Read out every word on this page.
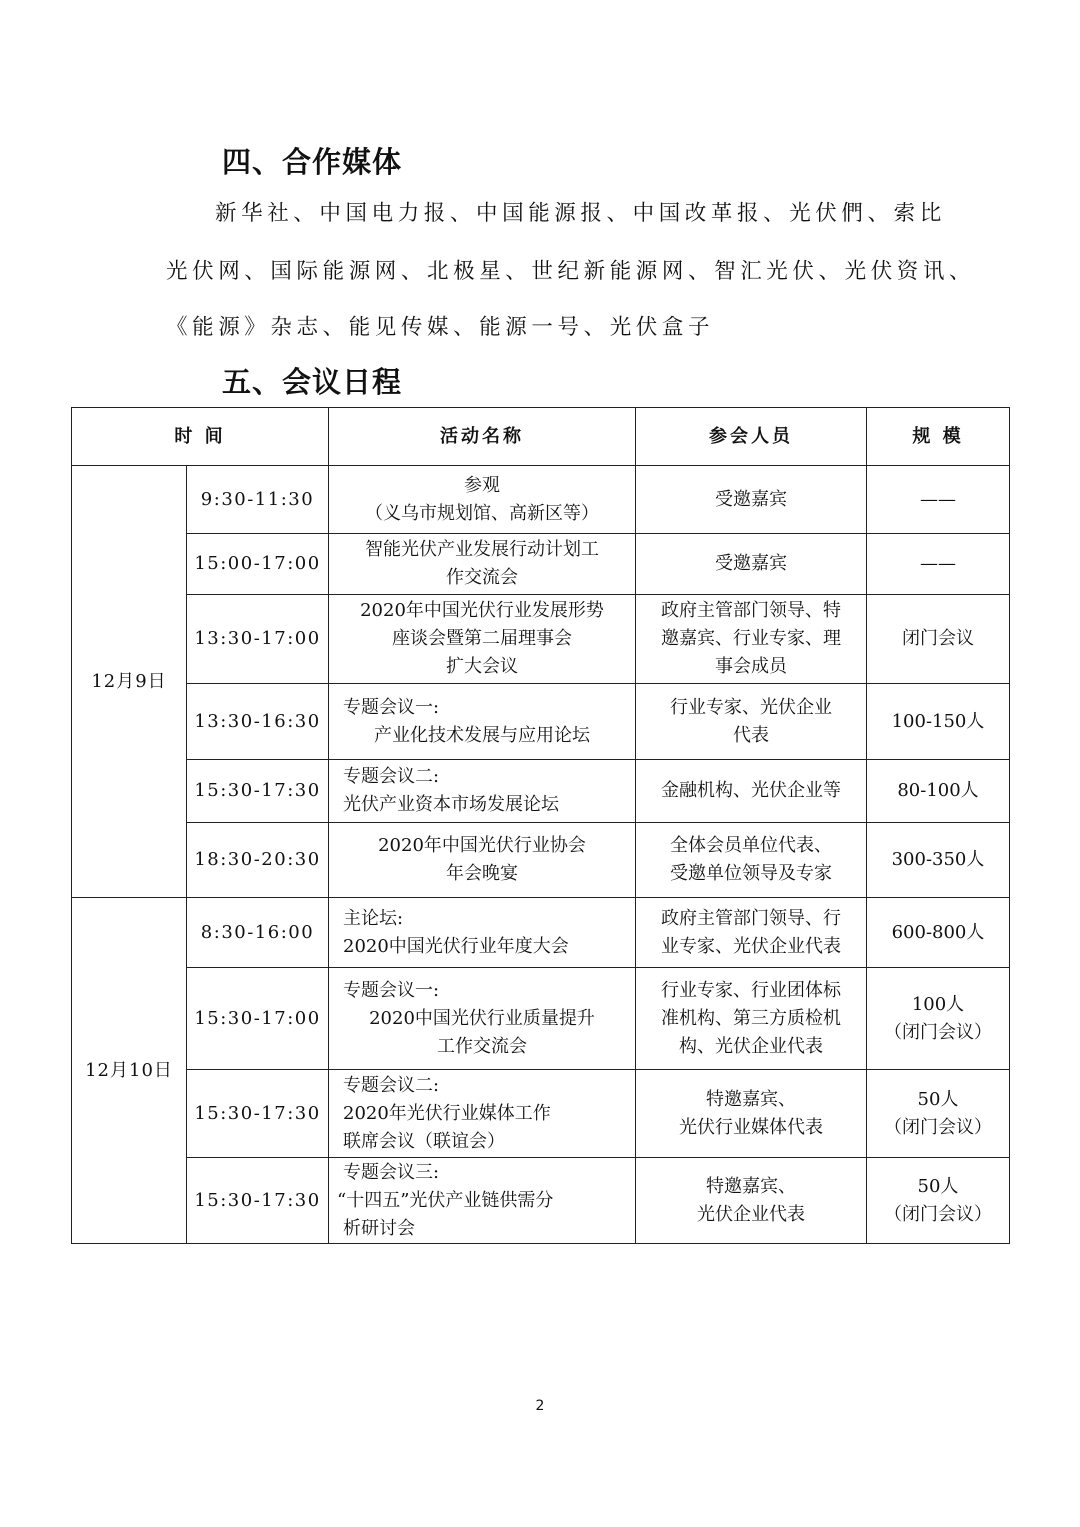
四、合作媒体
新华社、中国电力报、中国能源报、中国改革报、光伏們、索比
光伏网、国际能源网、北极星、世纪新能源网、智汇光伏、光伏资讯、
《能源》杂志、能见传媒、能源一号、光伏盒子
五、会议日程
时 间		活动名称	参会人员	规 模
12月9日	9:30-11:30	参观
（义乌市规划馆、高新区等）	受邀嘉宾	——

	15:00-17:00	智能光伏产业发展行动计划工
作交流会	受邀嘉宾	——

	13:30-17:00	2020年中国光伏行业发展形势
座谈会暨第二届理事会
扩大会议	政府主管部门领导、特
邀嘉宾、行业专家、理
事会成员	闭门会议

	13:30-16:30	专题会议一:
产业化技术发展与应用论坛	行业专家、光伏企业
代表	100-150人

	15:30-17:30	专题会议二:
光伏产业资本市场发展论坛	金融机构、光伏企业等	80-100人

	18:30-20:30	2020年中国光伏行业协会
年会晚宴	全体会员单位代表、
受邀单位领导及专家	300-350人

12月10日	8:30-16:00	主论坛:
2020中国光伏行业年度大会	政府主管部门领导、行
业专家、光伏企业代表	600-800人

	15:30-17:00	专题会议一:
2020中国光伏行业质量提升
工作交流会	行业专家、行业团体标
准机构、第三方质检机
构、光伏企业代表	100人
（闭门会议）

	15:30-17:30	专题会议二:
2020年光伏行业媒体工作
联席会议（联谊会）	特邀嘉宾、
光伏行业媒体代表	50人
（闭门会议）

	15:30-17:30	专题会议三:
“十四五”光伏产业链供需分
析研讨会	特邀嘉宾、
光伏企业代表	50人
（闭门会议）
2
